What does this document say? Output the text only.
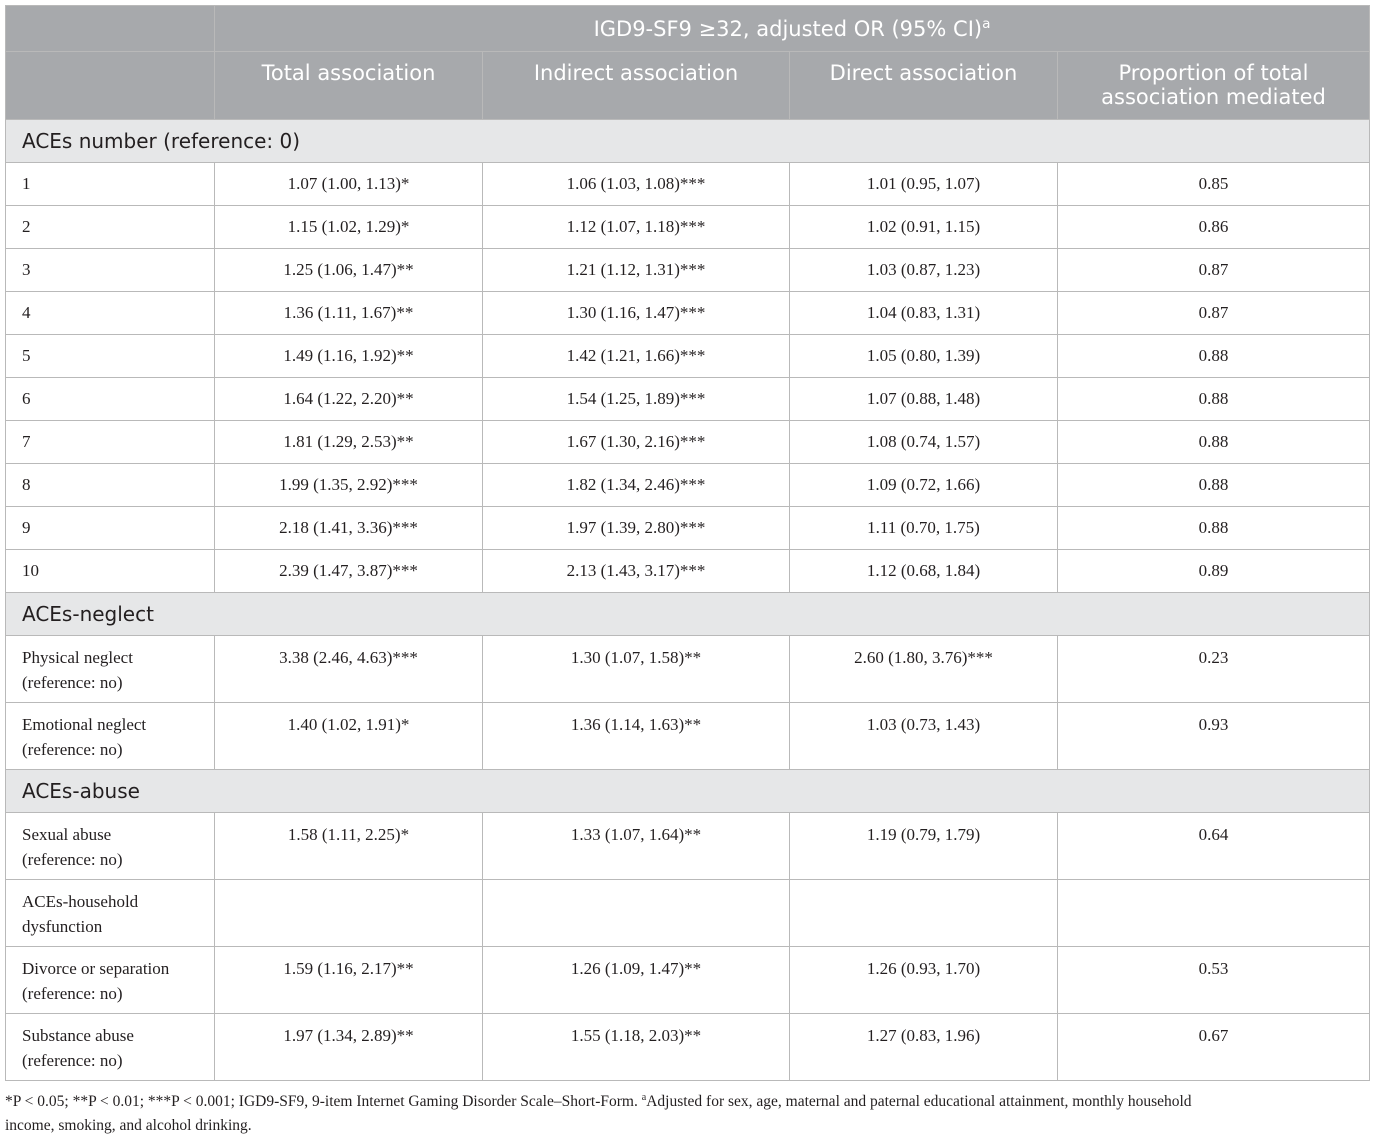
	IGD9-SF9 ≥32, adjusted OR (95% CI)$^a$

	Total association	Indirect association	Direct association	Proportion of total
association mediated

ACEs number (reference: 0)				
1	1.07 (1.00, 1.13)*	1.06 (1.03, 1.08)***	1.01 (0.95, 1.07)	0.85
2	1.15 (1.02, 1.29)*	1.12 (1.07, 1.18)***	1.02 (0.91, 1.15)	0.86
3	1.25 (1.06, 1.47)**	1.21 (1.12, 1.31)***	1.03 (0.87, 1.23)	0.87
4	1.36 (1.11, 1.67)**	1.30 (1.16, 1.47)***	1.04 (0.83, 1.31)	0.87
5	1.49 (1.16, 1.92)**	1.42 (1.21, 1.66)***	1.05 (0.80, 1.39)	0.88
6	1.64 (1.22, 2.20)**	1.54 (1.25, 1.89)***	1.07 (0.88, 1.48)	0.88
7	1.81 (1.29, 2.53)**	1.67 (1.30, 2.16)***	1.08 (0.74, 1.57)	0.88
8	1.99 (1.35, 2.92)***	1.82 (1.34, 2.46)***	1.09 (0.72, 1.66)	0.88
9	2.18 (1.41, 3.36)***	1.97 (1.39, 2.80)***	1.11 (0.70, 1.75)	0.88
10	2.39 (1.47, 3.87)***	2.13 (1.43, 3.17)***	1.12 (0.68, 1.84)	0.89
ACEs-neglect				

Physical neglect
(reference: no)	3.38 (2.46, 4.63)***	1.30 (1.07, 1.58)**	2.60 (1.80, 3.76)***	0.23

Emotional neglect
(reference: no)	1.40 (1.02, 1.91)*	1.36 (1.14, 1.63)**	1.03 (0.73, 1.43)	0.93
ACEs-abuse				

Sexual abuse
(reference: no)	1.58 (1.11, 2.25)*	1.33 (1.07, 1.64)**	1.19 (0.79, 1.79)	0.64

ACEs-household
dysfunction				

Divorce or separation
(reference: no)	1.59 (1.16, 2.17)**	1.26 (1.09, 1.47)**	1.26 (0.93, 1.70)	0.53

Substance abuse
(reference: no)	1.97 (1.34, 2.89)**	1.55 (1.18, 2.03)**	1.27 (0.83, 1.96)	0.67
*P < 0.05; **P < 0.01; ***P < 0.001; IGD9-SF9, 9-item Internet Gaming Disorder Scale–Short-Form. $^a$Adjusted for sex, age, maternal and paternal educational attainment, monthly household
income, smoking, and alcohol drinking.
